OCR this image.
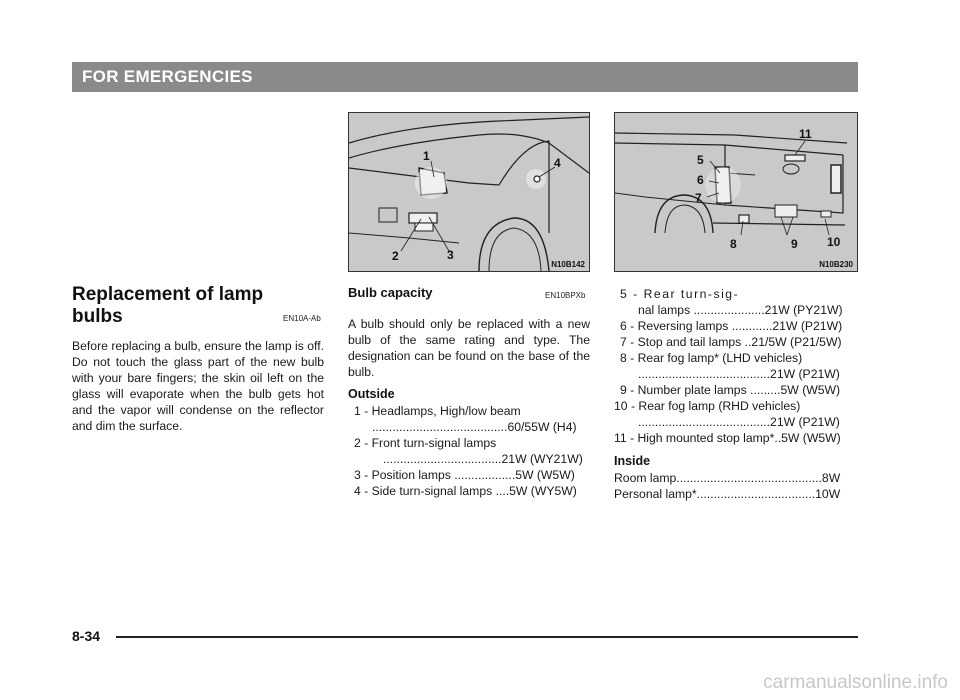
FOR EMERGENCIES
1
2	3
4
N10B142
11
5
6
7
8	9 10
N10B230
Replacement of lamp
bulbs	EN10A-Ab
Before replacing a bulb, ensure the lamp is off. Do not touch the glass part of the new bulb with your bare fingers; the skin oil left on the glass will evaporate when the bulb gets hot and the vapor will condense on the reflector and dim the surface.
Bulb capacity	EN10BPXb
A bulb should only be replaced with a new bulb of the same rating and type. The designation can be found on the base of the bulb.
Outside
1 - Headlamps, High/low beam
........................................60/55W (H4)
2 - Front turn-signal lamps
...................................21W (WY21W)
3 - Position lamps ..................5W (W5W)
4 - Side turn-signal lamps ....5W (WY5W)
5 - Rear turn-sig-
nal lamps .....................21W (PY21W)
6 - Reversing lamps ............21W (P21W)
7 - Stop and tail lamps ..21/5W (P21/5W)
8 - Rear fog lamp* (LHD vehicles)
.......................................21W (P21W)
9 - Number plate lamps .........5W (W5W)
10 - Rear fog lamp (RHD vehicles)
.......................................21W (P21W)
11 - High mounted stop lamp*..5W (W5W)
Inside
Room lamp...........................................8W
Personal lamp*...................................10W
8-34
carmanualsonline.info
